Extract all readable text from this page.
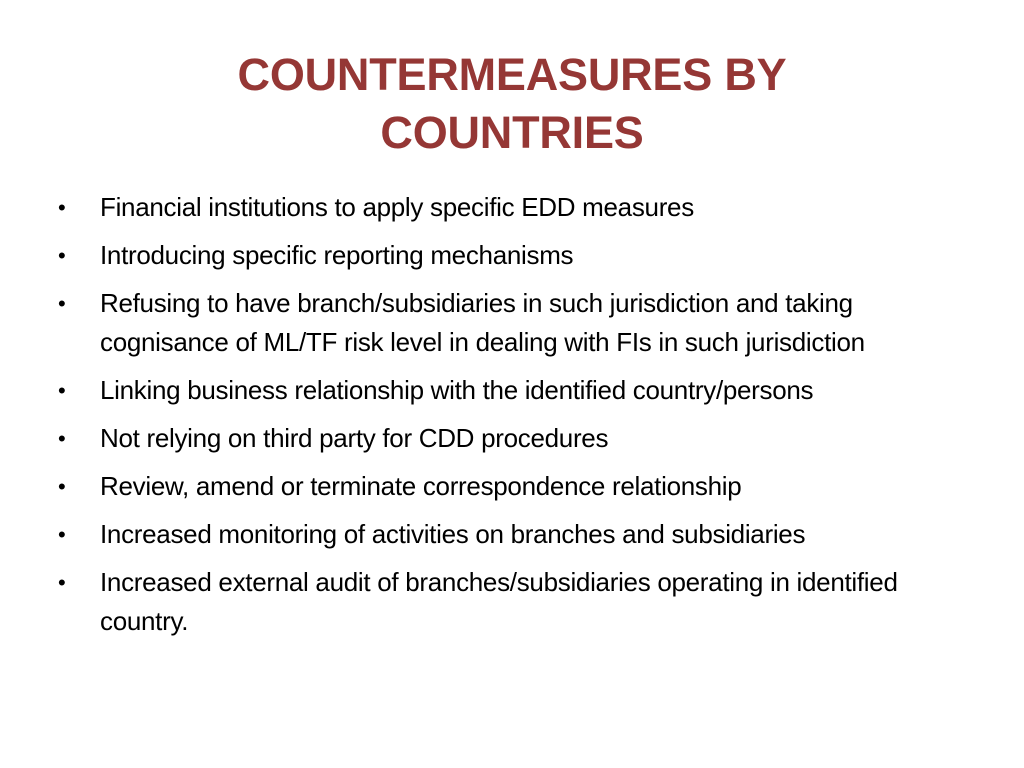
COUNTERMEASURES BY
COUNTRIES
•	Financial institutions to apply specific EDD measures
•	Introducing specific reporting mechanisms
•	Refusing to have branch/subsidiaries in such jurisdiction and taking cognisance of ML/TF risk level in dealing with FIs in such jurisdiction
•	Linking business relationship with the identified country/persons
•	Not relying on third party for CDD procedures
•	Review, amend or terminate correspondence relationship
•	Increased monitoring of activities on branches and subsidiaries
•	Increased external audit of branches/subsidiaries operating in identified country.
